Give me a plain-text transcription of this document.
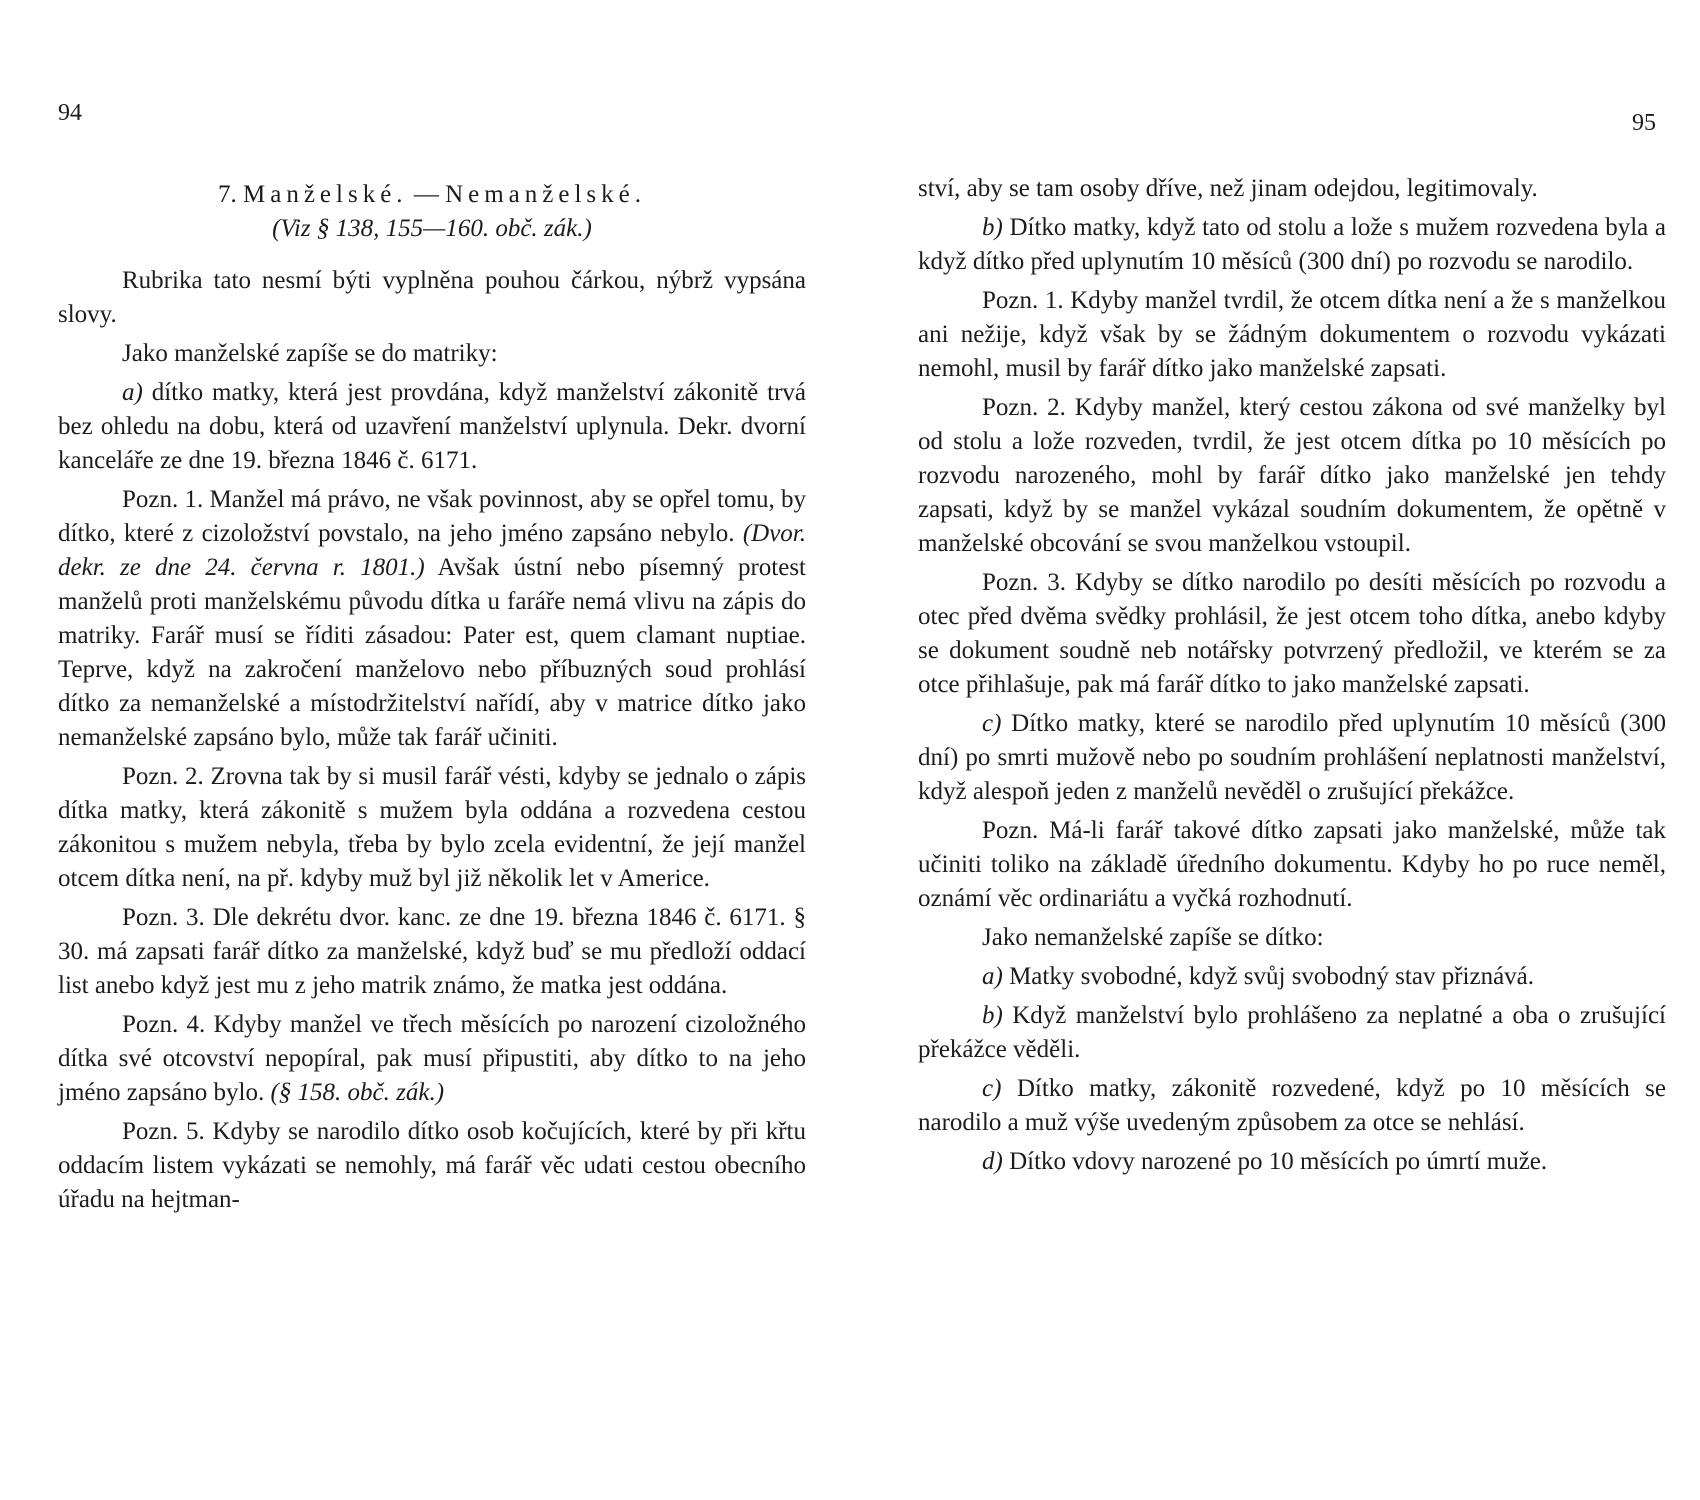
94	95
7. Manželské. — Nemanželské.
(Viz § 138, 155—160. obč. zák.)

Rubrika tato nesmí býti vyplněna pouhou čárkou, nýbrž vypsána slovy.

Jako manželské zapíše se do matriky:

a) dítko matky, která jest provdána, když manželství zákonitě trvá bez ohledu na dobu, která od uzavření manželství uplynula. Dekr. dvorní kanceláře ze dne 19. března 1846 č. 6171.

Pozn. 1. Manžel má právo, ne však povinnost, aby se opřel tomu, by dítko, které z cizoložství povstalo, na jeho jméno zapsáno nebylo. (Dvor. dekr. ze dne 24. června r. 1801.) Avšak ústní nebo písemný protest manželů proti manželskému původu dítka u faráře nemá vlivu na zápis do matriky. Farář musí se říditi zásadou: Pater est, quem clamant nuptiae. Teprve, když na zakročení manželovo nebo příbuzných soud prohlásí dítko za nemanželské a místodržitelství nařídí, aby v matrice dítko jako nemanželské zapsáno bylo, může tak farář učiniti.

Pozn. 2. Zrovna tak by si musil farář vésti, kdyby se jednalo o zápis dítka matky, která zákonitě s mužem byla oddána a rozvedena cestou zákonitou s mužem nebyla, třeba by bylo zcela evidentní, že její manžel otcem dítka není, na př. kdyby muž byl již několik let v Americe.

Pozn. 3. Dle dekrétu dvor. kanc. ze dne 19. března 1846 č. 6171. § 30. má zapsati farář dítko za manželské, když buď se mu předloží oddací list anebo když jest mu z jeho matrik známo, že matka jest oddána.

Pozn. 4. Kdyby manžel ve třech měsících po narození cizoložného dítka své otcovství nepopíral, pak musí připustiti, aby dítko to na jeho jméno zapsáno bylo. (§ 158. obč. zák.)

Pozn. 5. Kdyby se narodilo dítko osob kočujících, které by při křtu oddacím listem vykázati se nemohly, má farář věc udati cestou obecního úřadu na hejtman-

ství, aby se tam osoby dříve, než jinam odejdou, legitimovaly.

b) Dítko matky, když tato od stolu a lože s mužem rozvedena byla a když dítko před uplynutím 10 měsíců (300 dní) po rozvodu se narodilo.

Pozn. 1. Kdyby manžel tvrdil, že otcem dítka není a že s manželkou ani nežije, když však by se žádným dokumentem o rozvodu vykázati nemohl, musil by farář dítko jako manželské zapsati.

Pozn. 2. Kdyby manžel, který cestou zákona od své manželky byl od stolu a lože rozveden, tvrdil, že jest otcem dítka po 10 měsících po rozvodu narozeného, mohl by farář dítko jako manželské jen tehdy zapsati, když by se manžel vykázal soudním dokumentem, že opětně v manželské obcování se svou manželkou vstoupil.

Pozn. 3. Kdyby se dítko narodilo po desíti měsících po rozvodu a otec před dvěma svědky prohlásil, že jest otcem toho dítka, anebo kdyby se dokument soudně neb notářsky potvrzený předložil, ve kterém se za otce přihlašuje, pak má farář dítko to jako manželské zapsati.

c) Dítko matky, které se narodilo před uplynutím 10 měsíců (300 dní) po smrti mužově nebo po soudním prohlášení neplatnosti manželství, když alespoň jeden z manželů nevěděl o zrušující překážce.

Pozn. Má-li farář takové dítko zapsati jako manželské, může tak učiniti toliko na základě úředního dokumentu. Kdyby ho po ruce neměl, oznámí věc ordinariátu a vyčká rozhodnutí.

Jako nemanželské zapíše se dítko:

a) Matky svobodné, když svůj svobodný stav přiznává.

b) Když manželství bylo prohlášeno za neplatné a oba o zrušující překážce věděli.

c) Dítko matky, zákonitě rozvedené, když po 10 měsících se narodilo a muž výše uvedeným způsobem za otce se nehlásí.

d) Dítko vdovy narozené po 10 měsících po úmrtí muže.
